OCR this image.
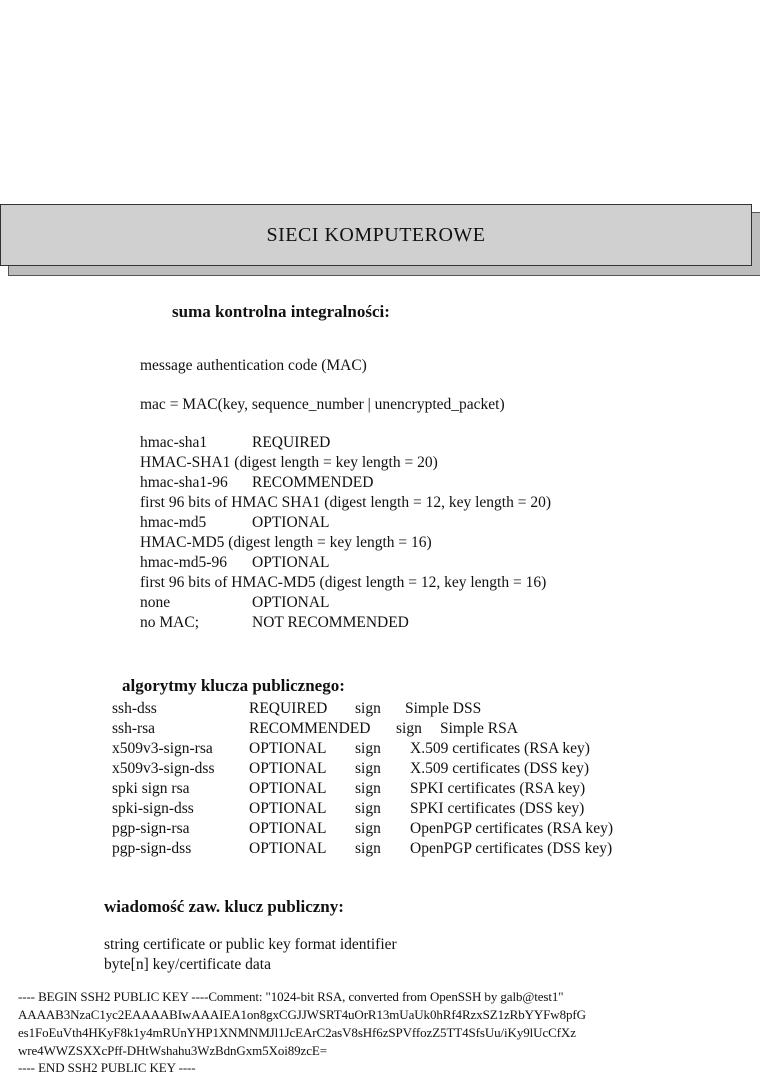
SIECI KOMPUTEROWE
suma kontrolna integralności:
message authentication code (MAC)
mac = MAC(key, sequence_number | unencrypted_packet)
hmac-sha1	REQUIRED
HMAC-SHA1 (digest length = key length = 20)
hmac-sha1-96 RECOMMENDED
first 96 bits of HMAC SHA1 (digest length = 12, key length = 20)
hmac-md5	OPTIONAL
HMAC-MD5 (digest length = key length = 16)
hmac-md5-96 OPTIONAL
first 96 bits of HMAC-MD5 (digest length = 12, key length = 16)
none	OPTIONAL
no MAC;	NOT RECOMMENDED
algorytmy klucza publicznego:
ssh-dss	REQUIRED sign Simple DSS
ssh-rsa	RECOMMENDED sign Simple RSA
x509v3-sign-rsa OPTIONAL sign X.509 certificates (RSA key)
x509v3-sign-dss OPTIONAL sign X.509 certificates (DSS key)
spki sign rsa	OPTIONAL sign SPKI certificates (RSA key)
spki-sign-dss	OPTIONAL sign SPKI certificates (DSS key)
pgp-sign-rsa	OPTIONAL sign OpenPGP certificates (RSA key)
pgp-sign-dss	OPTIONAL sign OpenPGP certificates (DSS key)
wiadomość zaw. klucz publiczny:
string certificate or public key format identifier
byte[n] key/certificate data
---- BEGIN SSH2 PUBLIC KEY ----Comment: "1024-bit RSA, converted from OpenSSH by galb@test1"
AAAAB3NzaC1yc2EAAAABIwAAAIEA1on8gxCGJJWSRT4uOrR13mUaUk0hRf4RzxSZ1zRbYYFw8pfG
es1FoEuVth4HKyF8k1y4mRUnYHP1XNMNMJl1JcEArC2asV8sHf6zSPVffozZ5TT4SfsUu/iKy9lUcCfXz
wre4WWZSXXcPff-DHtWshahu3WzBdnGxm5Xoi89zcE=
---- END SSH2 PUBLIC KEY ----
